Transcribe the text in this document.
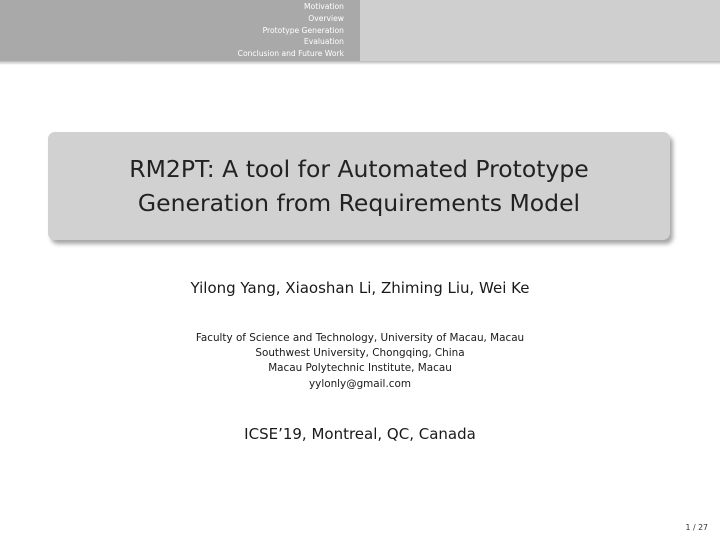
Motivation
Overview
Prototype Generation
Evaluation
Conclusion and Future Work
RM2PT: A tool for Automated Prototype
Generation from Requirements Model
Yilong Yang, Xiaoshan Li, Zhiming Liu, Wei Ke
Faculty of Science and Technology, University of Macau, Macau
Southwest University, Chongqing, China
Macau Polytechnic Institute, Macau
yylonly@gmail.com
ICSE’19, Montreal, QC, Canada
1 / 27
